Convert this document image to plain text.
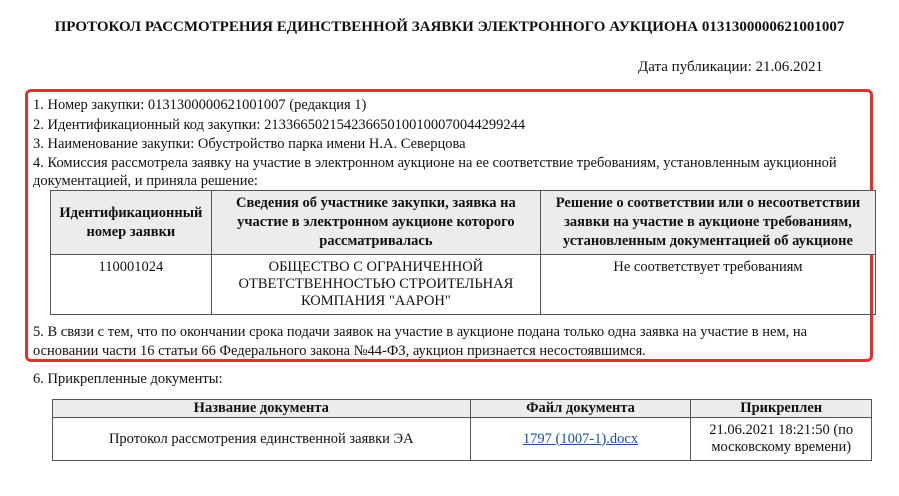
ПРОТОКОЛ РАССМОТРЕНИЯ ЕДИНСТВЕННОЙ ЗАЯВКИ ЭЛЕКТРОННОГО АУКЦИОНА 0131300000621001007
Дата публикации: 21.06.2021
1. Номер закупки: 0131300000621001007 (редакция 1)
2. Идентификационный код закупки: 213366502154236650100100070044299244
3. Наименование закупки: Обустройство парка имени Н.А. Северцова
4. Комиссия рассмотрела заявку на участие в электронном аукционе на ее соответствие требованиям, установленным аукционной документацией, и приняла решение:
Идентификационный номер заявки	Сведения об участнике закупки, заявка на участие в электронном аукционе которого рассматривалась	Решение о соответствии или о несоответствии заявки на участие в аукционе требованиям, установленным документацией об аукционе
110001024	ОБЩЕСТВО С ОГРАНИЧЕННОЙ ОТВЕТСТВЕННОСТЬЮ СТРОИТЕЛЬНАЯ КОМПАНИЯ "ААРОН"	Не соответствует требованиям
5. В связи с тем, что по окончании срока подачи заявок на участие в аукционе подана только одна заявка на участие в нем, на основании части 16 статьи 66 Федерального закона №44-ФЗ, аукцион признается несостоявшимся.
6. Прикрепленные документы:
Название документа	Файл документа	Прикреплен
Протокол рассмотрения единственной заявки ЭА	1797 (1007-1).docx	21.06.2021 18:21:50 (по московскому времени)
